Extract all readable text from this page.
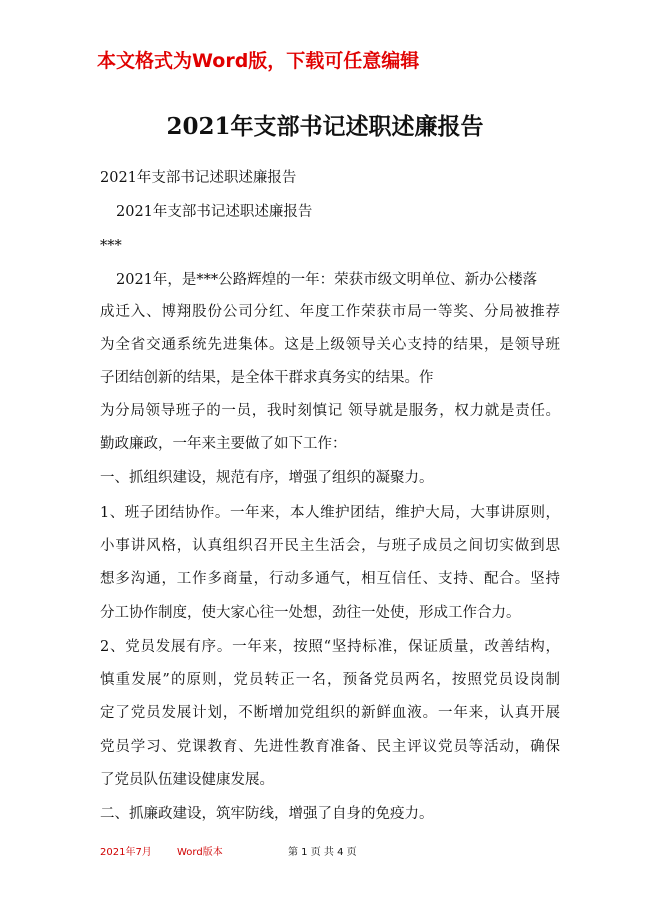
本文格式为Word版，下载可任意编辑
2021年支部书记述职述廉报告
2021年支部书记述职述廉报告
2021年支部书记述职述廉报告
***
2021年，是***公路辉煌的一年：荣获市级文明单位、新办公楼落
成迁入、博翔股份公司分红、年度工作荣获市局一等奖、分局被推荐
为全省交通系统先进集体。这是上级领导关心支持的结果，是领导班
子团结创新的结果，是全体干群求真务实的结果。作
为分局领导班子的一员，我时刻慎记 领导就是服务，权力就是责任。
勤政廉政，一年来主要做了如下工作：
一、抓组织建设，规范有序，增强了组织的凝聚力。
1、班子团结协作。一年来，本人维护团结，维护大局，大事讲原则，
小事讲风格，认真组织召开民主生活会，与班子成员之间切实做到思
想多沟通，工作多商量，行动多通气，相互信任、支持、配合。坚持
分工协作制度，使大家心往一处想，劲往一处使，形成工作合力。
2、党员发展有序。一年来，按照“坚持标准，保证质量，改善结构，
慎重发展”的原则，党员转正一名，预备党员两名，按照党员设岗制
定了党员发展计划，不断增加党组织的新鲜血液。一年来，认真开展
党员学习、党课教育、先进性教育准备、民主评议党员等活动，确保
了党员队伍建设健康发展。
二、抓廉政建设，筑牢防线，增强了自身的免疫力。
2021年7月	Word版本	第 1 页 共 4 页
